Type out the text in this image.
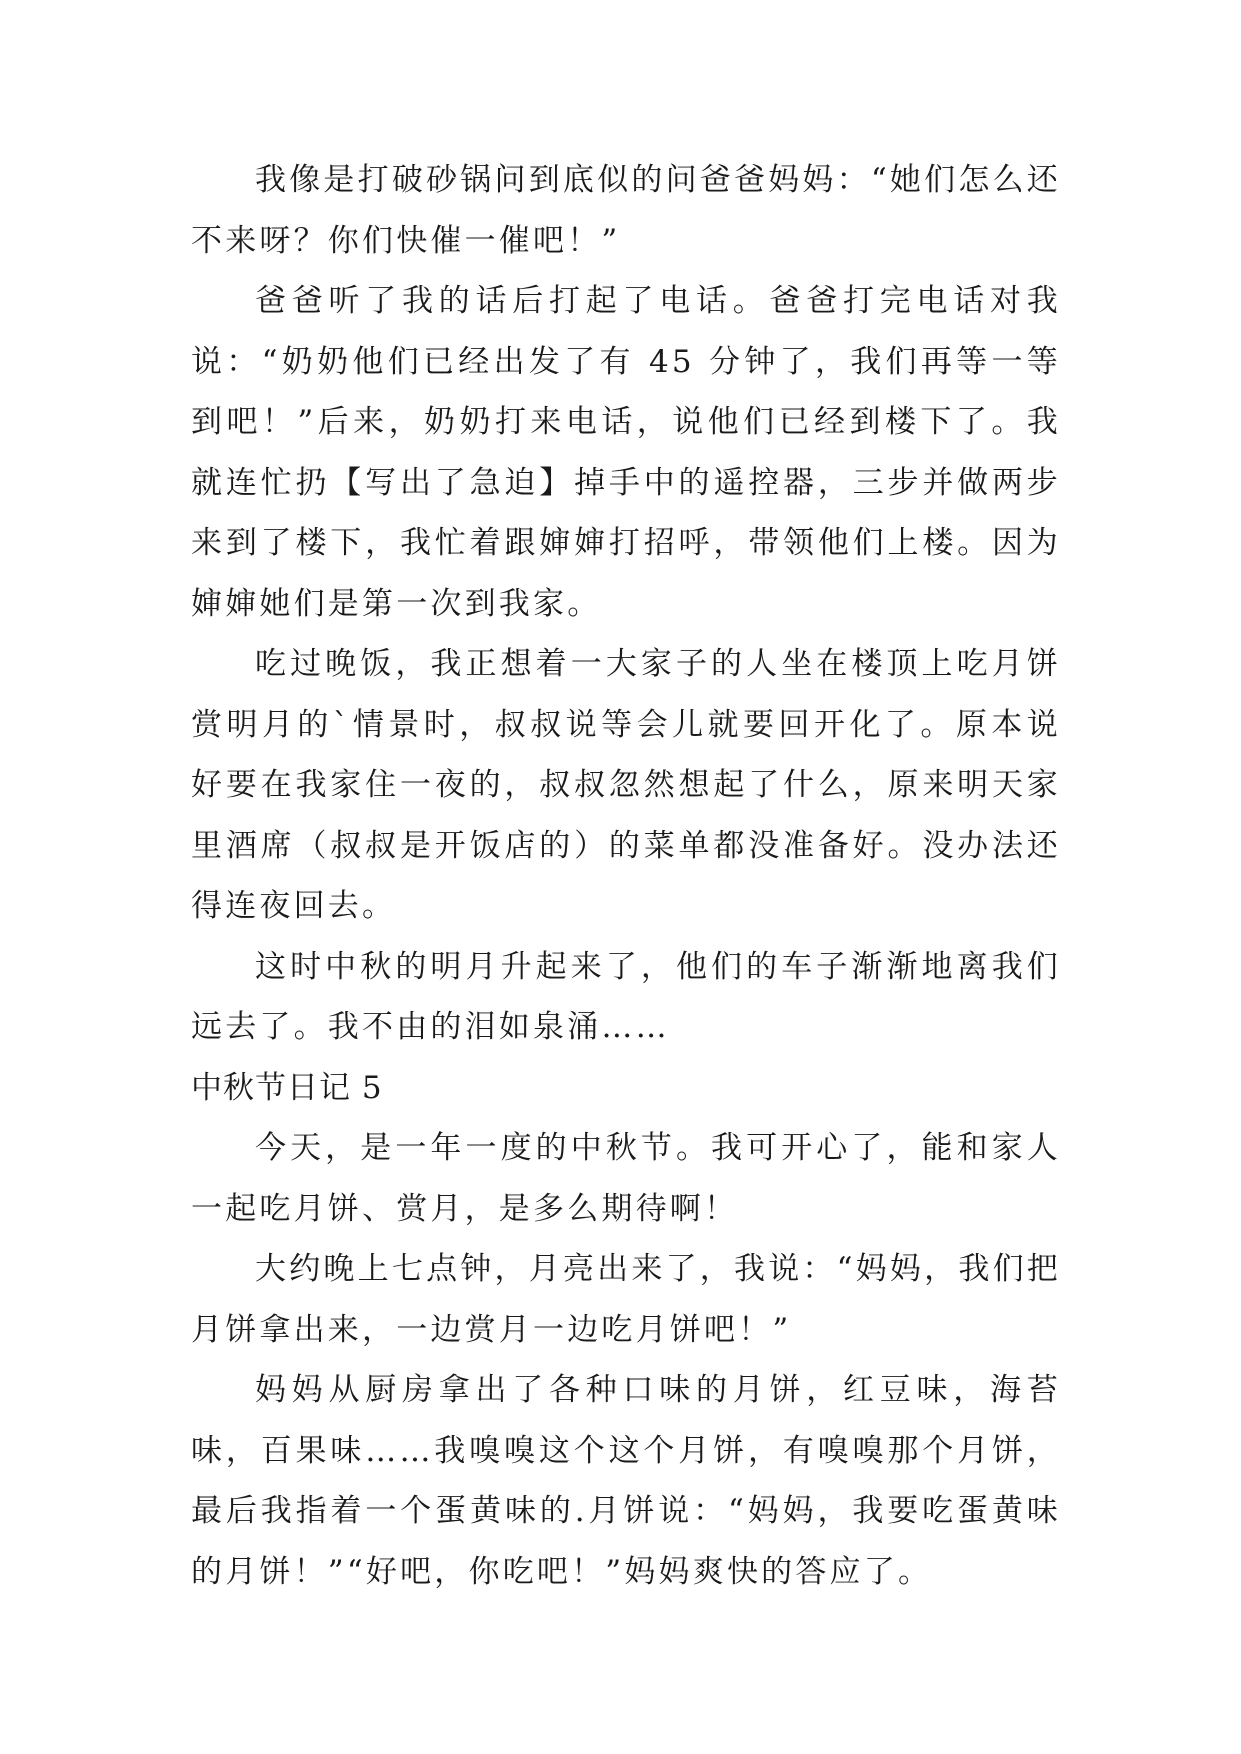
我像是打破砂锅问到底似的问爸爸妈妈：“她们怎么还不来呀？你们快催一催吧！”

爸爸听了我的话后打起了电话。爸爸打完电话对我说：“奶奶他们已经出发了有 45 分钟了，我们再等一等到吧！”后来，奶奶打来电话，说他们已经到楼下了。我就连忙扔【写出了急迫】掉手中的遥控器，三步并做两步来到了楼下，我忙着跟婶婶打招呼，带领他们上楼。因为婶婶她们是第一次到我家。

吃过晚饭，我正想着一大家子的人坐在楼顶上吃月饼赏明月的`情景时，叔叔说等会儿就要回开化了。原本说好要在我家住一夜的，叔叔忽然想起了什么，原来明天家里酒席（叔叔是开饭店的）的菜单都没准备好。没办法还得连夜回去。

这时中秋的明月升起来了，他们的车子渐渐地离我们远去了。我不由的泪如泉涌……

中秋节日记 5

今天，是一年一度的中秋节。我可开心了，能和家人一起吃月饼、赏月，是多么期待啊！

大约晚上七点钟，月亮出来了，我说：“妈妈，我们把月饼拿出来，一边赏月一边吃月饼吧！”

妈妈从厨房拿出了各种口味的月饼，红豆味，海苔味，百果味……我嗅嗅这个这个月饼，有嗅嗅那个月饼，最后我指着一个蛋黄味的.月饼说：“妈妈，我要吃蛋黄味的月饼！”“好吧，你吃吧！”妈妈爽快的答应了。
